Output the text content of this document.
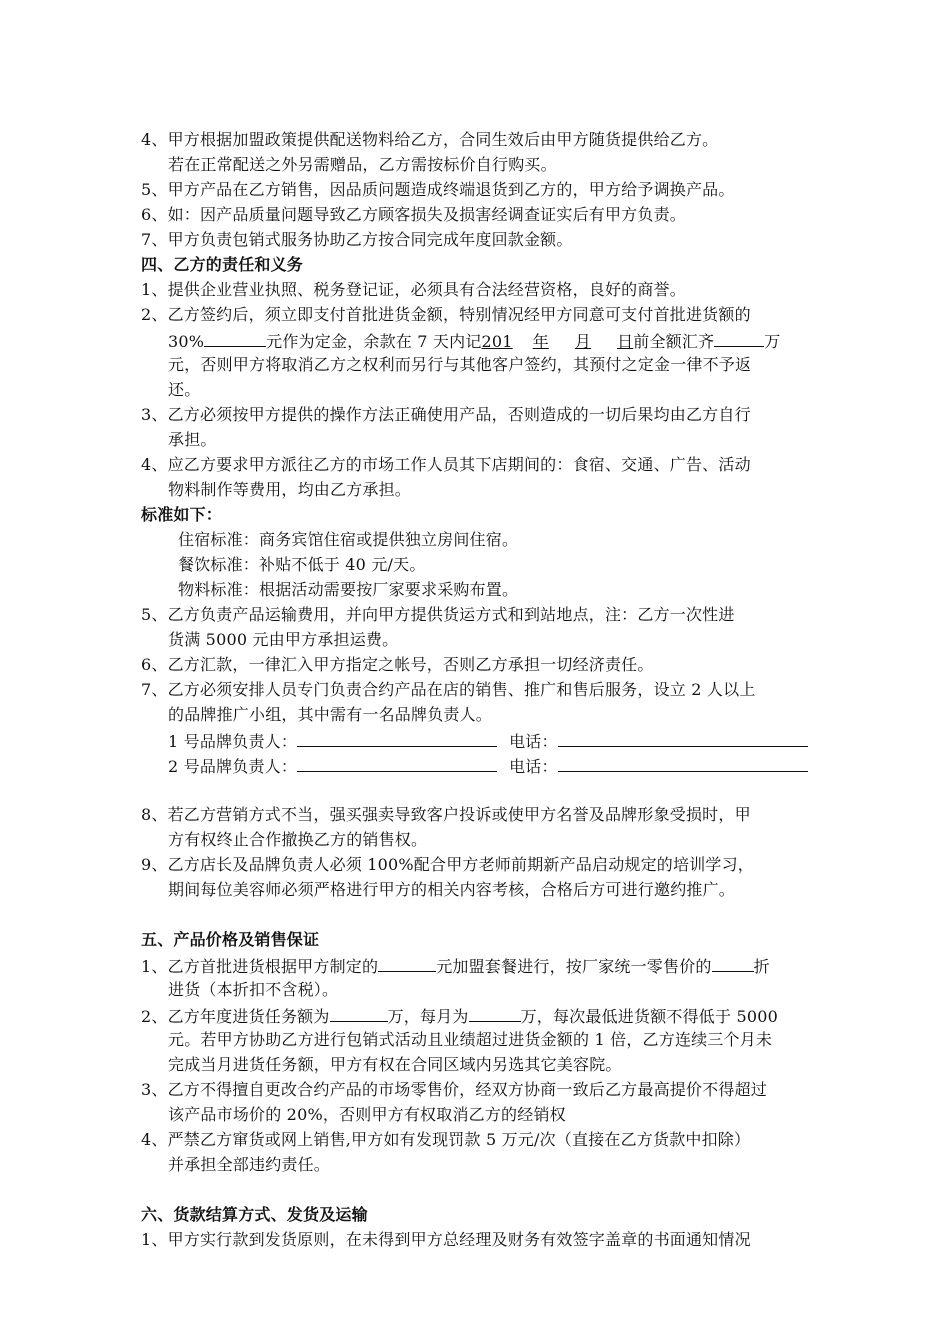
4、甲方根据加盟政策提供配送物料给乙方，合同生效后由甲方随货提供给乙方。
若在正常配送之外另需赠品，乙方需按标价自行购买。
5、甲方产品在乙方销售，因品质问题造成终端退货到乙方的，甲方给予调换产品。
6、如：因产品质量问题导致乙方顾客损失及损害经调查证实后有甲方负责。
7、甲方负责包销式服务协助乙方按合同完成年度回款金额。
四、乙方的责任和义务
1、提供企业营业执照、税务登记证，必须具有合法经营资格，良好的商誉。
2、乙方签约后，须立即支付首批进货金额，特别情况经甲方同意可支付首批进货额的
30%	元作为定金，余款在 7 天内记201 年 月 日前全额汇齐	万
元，否则甲方将取消乙方之权利而另行与其他客户签约，其预付之定金一律不予返
还。
3、乙方必须按甲方提供的操作方法正确使用产品，否则造成的一切后果均由乙方自行
承担。
4、应乙方要求甲方派往乙方的市场工作人员其下店期间的：食宿、交通、广告、活动
物料制作等费用，均由乙方承担。
标准如下：
住宿标准：商务宾馆住宿或提供独立房间住宿。
餐饮标准：补贴不低于 40 元/天。
物料标准：根据活动需要按厂家要求采购布置。
5、乙方负责产品运输费用，并向甲方提供货运方式和到站地点，注：乙方一次性进
货满 5000 元由甲方承担运费。
6、乙方汇款，一律汇入甲方指定之帐号，否则乙方承担一切经济责任。
7、乙方必须安排人员专门负责合约产品在店的销售、推广和售后服务，设立 2 人以上
的品牌推广小组，其中需有一名品牌负责人。
1 号品牌负责人：	电话：
2 号品牌负责人：	电话：
8、若乙方营销方式不当，强买强卖导致客户投诉或使甲方名誉及品牌形象受损时，甲
方有权终止合作撤换乙方的销售权。
9、乙方店长及品牌负责人必须 100%配合甲方老师前期新产品启动规定的培训学习，
期间每位美容师必须严格进行甲方的相关内容考核，合格后方可进行邀约推广。
五、产品价格及销售保证
1、乙方首批进货根据甲方制定的	元加盟套餐进行，按厂家统一零售价的	折
进货（本折扣不含税）。
2、乙方年度进货任务额为	万，每月为	万，每次最低进货额不得低于 5000
元。若甲方协助乙方进行包销式活动且业绩超过进货金额的 1 倍，乙方连续三个月未
完成当月进货任务额，甲方有权在合同区域内另选其它美容院。
3、乙方不得擅自更改合约产品的市场零售价，经双方协商一致后乙方最高提价不得超过
该产品市场价的 20%，否则甲方有权取消乙方的经销权
4、严禁乙方窜货或网上销售,甲方如有发现罚款 5 万元/次（直接在乙方货款中扣除）
并承担全部违约责任。
六、货款结算方式、发货及运输
1、甲方实行款到发货原则，在未得到甲方总经理及财务有效签字盖章的书面通知情况
